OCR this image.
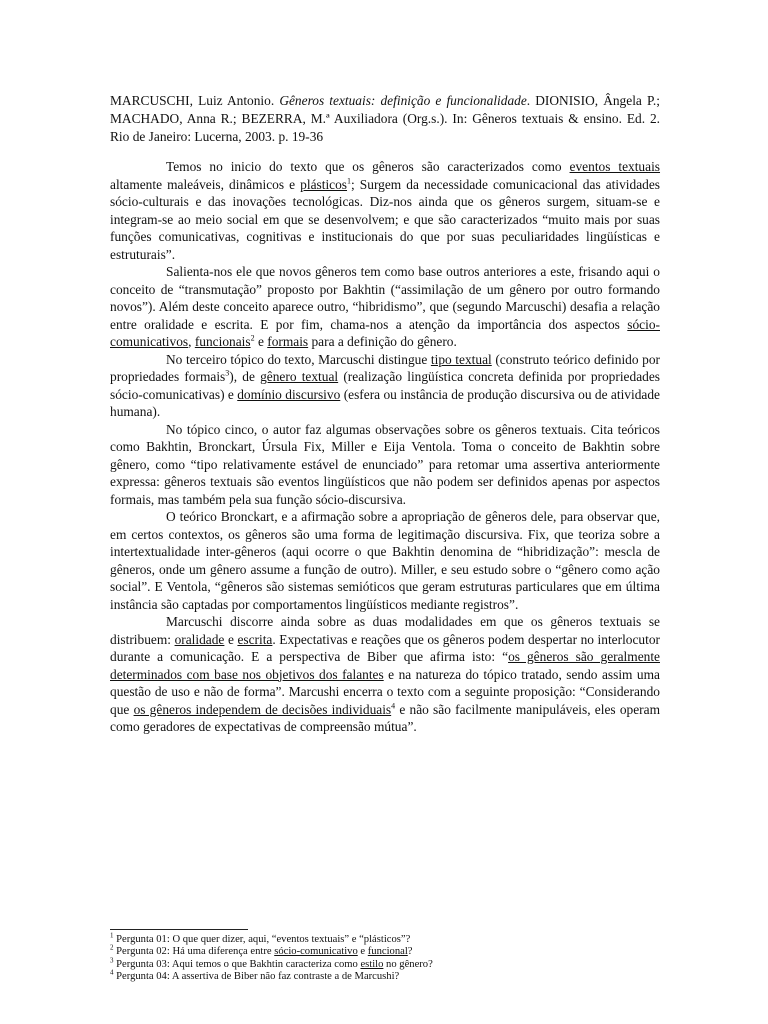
MARCUSCHI, Luiz Antonio. Gêneros textuais: definição e funcionalidade. DIONISIO, Ângela P.; MACHADO, Anna R.; BEZERRA, M.ª Auxiliadora (Org.s.). In: Gêneros textuais & ensino. Ed. 2. Rio de Janeiro: Lucerna, 2003. p. 19-36

Temos no inicio do texto que os gêneros são caracterizados como eventos textuais altamente maleáveis, dinâmicos e plásticos$^1$; Surgem da necessidade comunicacional das atividades sócio-culturais e das inovações tecnológicas. Diz-nos ainda que os gêneros surgem, situam-se e integram-se ao meio social em que se desenvolvem; e que são caracterizados “muito mais por suas funções comunicativas, cognitivas e institucionais do que por suas peculiaridades lingüísticas e estruturais”.

Salienta-nos ele que novos gêneros tem como base outros anteriores a este, frisando aqui o conceito de “transmutação” proposto por Bakhtin (“assimilação de um gênero por outro formando novos”). Além deste conceito aparece outro, “hibridismo”, que (segundo Marcuschi) desafia a relação entre oralidade e escrita. E por fim, chama-nos a atenção da importância dos aspectos sócio-comunicativos, funcionais$^2$ e formais para a definição do gênero.

No terceiro tópico do texto, Marcuschi distingue tipo textual (construto teórico definido por propriedades formais$^3$), de gênero textual (realização lingüística concreta definida por propriedades sócio-comunicativas) e domínio discursivo (esfera ou instância de produção discursiva ou de atividade humana).

No tópico cinco, o autor faz algumas observações sobre os gêneros textuais. Cita teóricos como Bakhtin, Bronckart, Úrsula Fix, Miller e Eija Ventola. Toma o conceito de Bakhtin sobre gênero, como “tipo relativamente estável de enunciado” para retomar uma assertiva anteriormente expressa: gêneros textuais são eventos lingüísticos que não podem ser definidos apenas por aspectos formais, mas também pela sua função sócio-discursiva.

O teórico Bronckart, e a afirmação sobre a apropriação de gêneros dele, para observar que, em certos contextos, os gêneros são uma forma de legitimação discursiva. Fix, que teoriza sobre a intertextualidade inter-gêneros (aqui ocorre o que Bakhtin denomina de “hibridização”: mescla de gêneros, onde um gênero assume a função de outro). Miller, e seu estudo sobre o “gênero como ação social”. E Ventola, “gêneros são sistemas semióticos que geram estruturas particulares que em última instância são captadas por comportamentos lingüísticos mediante registros”.

Marcuschi discorre ainda sobre as duas modalidades em que os gêneros textuais se distribuem: oralidade e escrita. Expectativas e reações que os gêneros podem despertar no interlocutor durante a comunicação. E a perspectiva de Biber que afirma isto: “os gêneros são geralmente determinados com base nos objetivos dos falantes e na natureza do tópico tratado, sendo assim uma questão de uso e não de forma”. Marcushi encerra o texto com a seguinte proposição: “Considerando que os gêneros independem de decisões individuais$^4$ e não são facilmente manipuláveis, eles operam como geradores de expectativas de compreensão mútua”.

$^1$ Pergunta 01: O que quer dizer, aqui, “eventos textuais” e “plásticos”?

$^2$ Pergunta 02: Há uma diferença entre sócio-comunicativo e funcional?

$^3$ Pergunta 03: Aqui temos o que Bakhtin caracteriza como estilo no gênero?

$^4$ Pergunta 04: A assertiva de Biber não faz contraste a de Marcushi?
